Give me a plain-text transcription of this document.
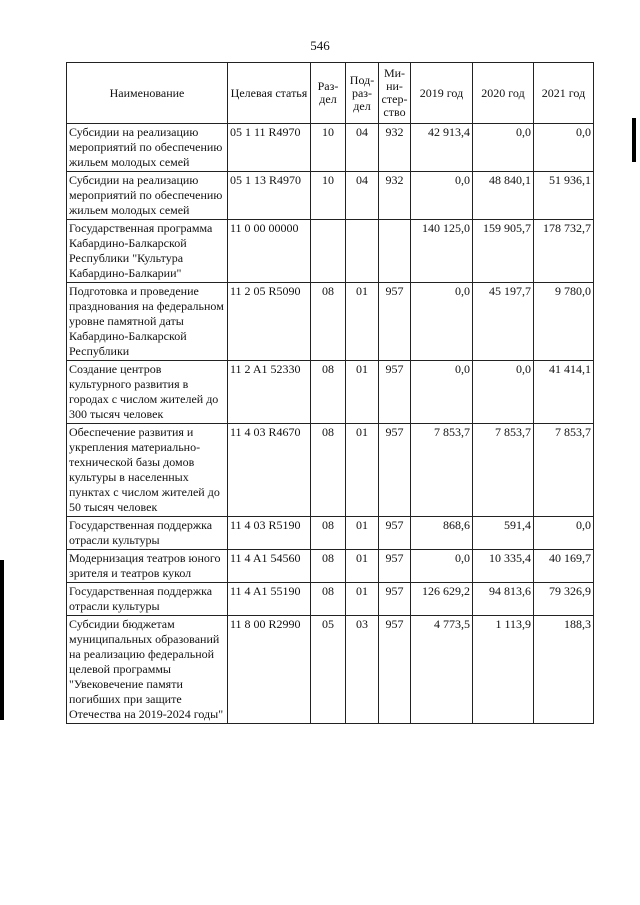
546
Наименование	Целевая статья	Раз-дел	Под-раз-дел	Ми-ни-стер-ство	2019 год	2020 год	2021 год
Субсидии на реализацию мероприятий по обеспечению жильем молодых семей	05 1 11 R4970	10	04	932	42 913,4	0,0	0,0
Субсидии на реализацию мероприятий по обеспечению жильем молодых семей	05 1 13 R4970	10	04	932	0,0	48 840,1	51 936,1
Государственная программа Кабардино-Балкарской Республики "Культура Кабардино-Балкарии"	11 0 00 00000				140 125,0	159 905,7	178 732,7
Подготовка и проведение празднования на федеральном уровне памятной даты Кабардино-Балкарской Республики	11 2 05 R5090	08	01	957	0,0	45 197,7	9 780,0
Создание центров культурного развития в городах с числом жителей до 300 тысяч человек	11 2 A1 52330	08	01	957	0,0	0,0	41 414,1
Обеспечение развития и укрепления материально-технической базы домов культуры в населенных пунктах с числом жителей до 50 тысяч человек	11 4 03 R4670	08	01	957	7 853,7	7 853,7	7 853,7
Государственная поддержка отрасли культуры	11 4 03 R5190	08	01	957	868,6	591,4	0,0
Модернизация театров юного зрителя и театров кукол	11 4 A1 54560	08	01	957	0,0	10 335,4	40 169,7
Государственная поддержка отрасли культуры	11 4 A1 55190	08	01	957	126 629,2	94 813,6	79 326,9
Субсидии бюджетам муниципальных образований на реализацию федеральной целевой программы "Увековечение памяти погибших при защите Отечества на 2019-2024 годы"	11 8 00 R2990	05	03	957	4 773,5	1 113,9	188,3
